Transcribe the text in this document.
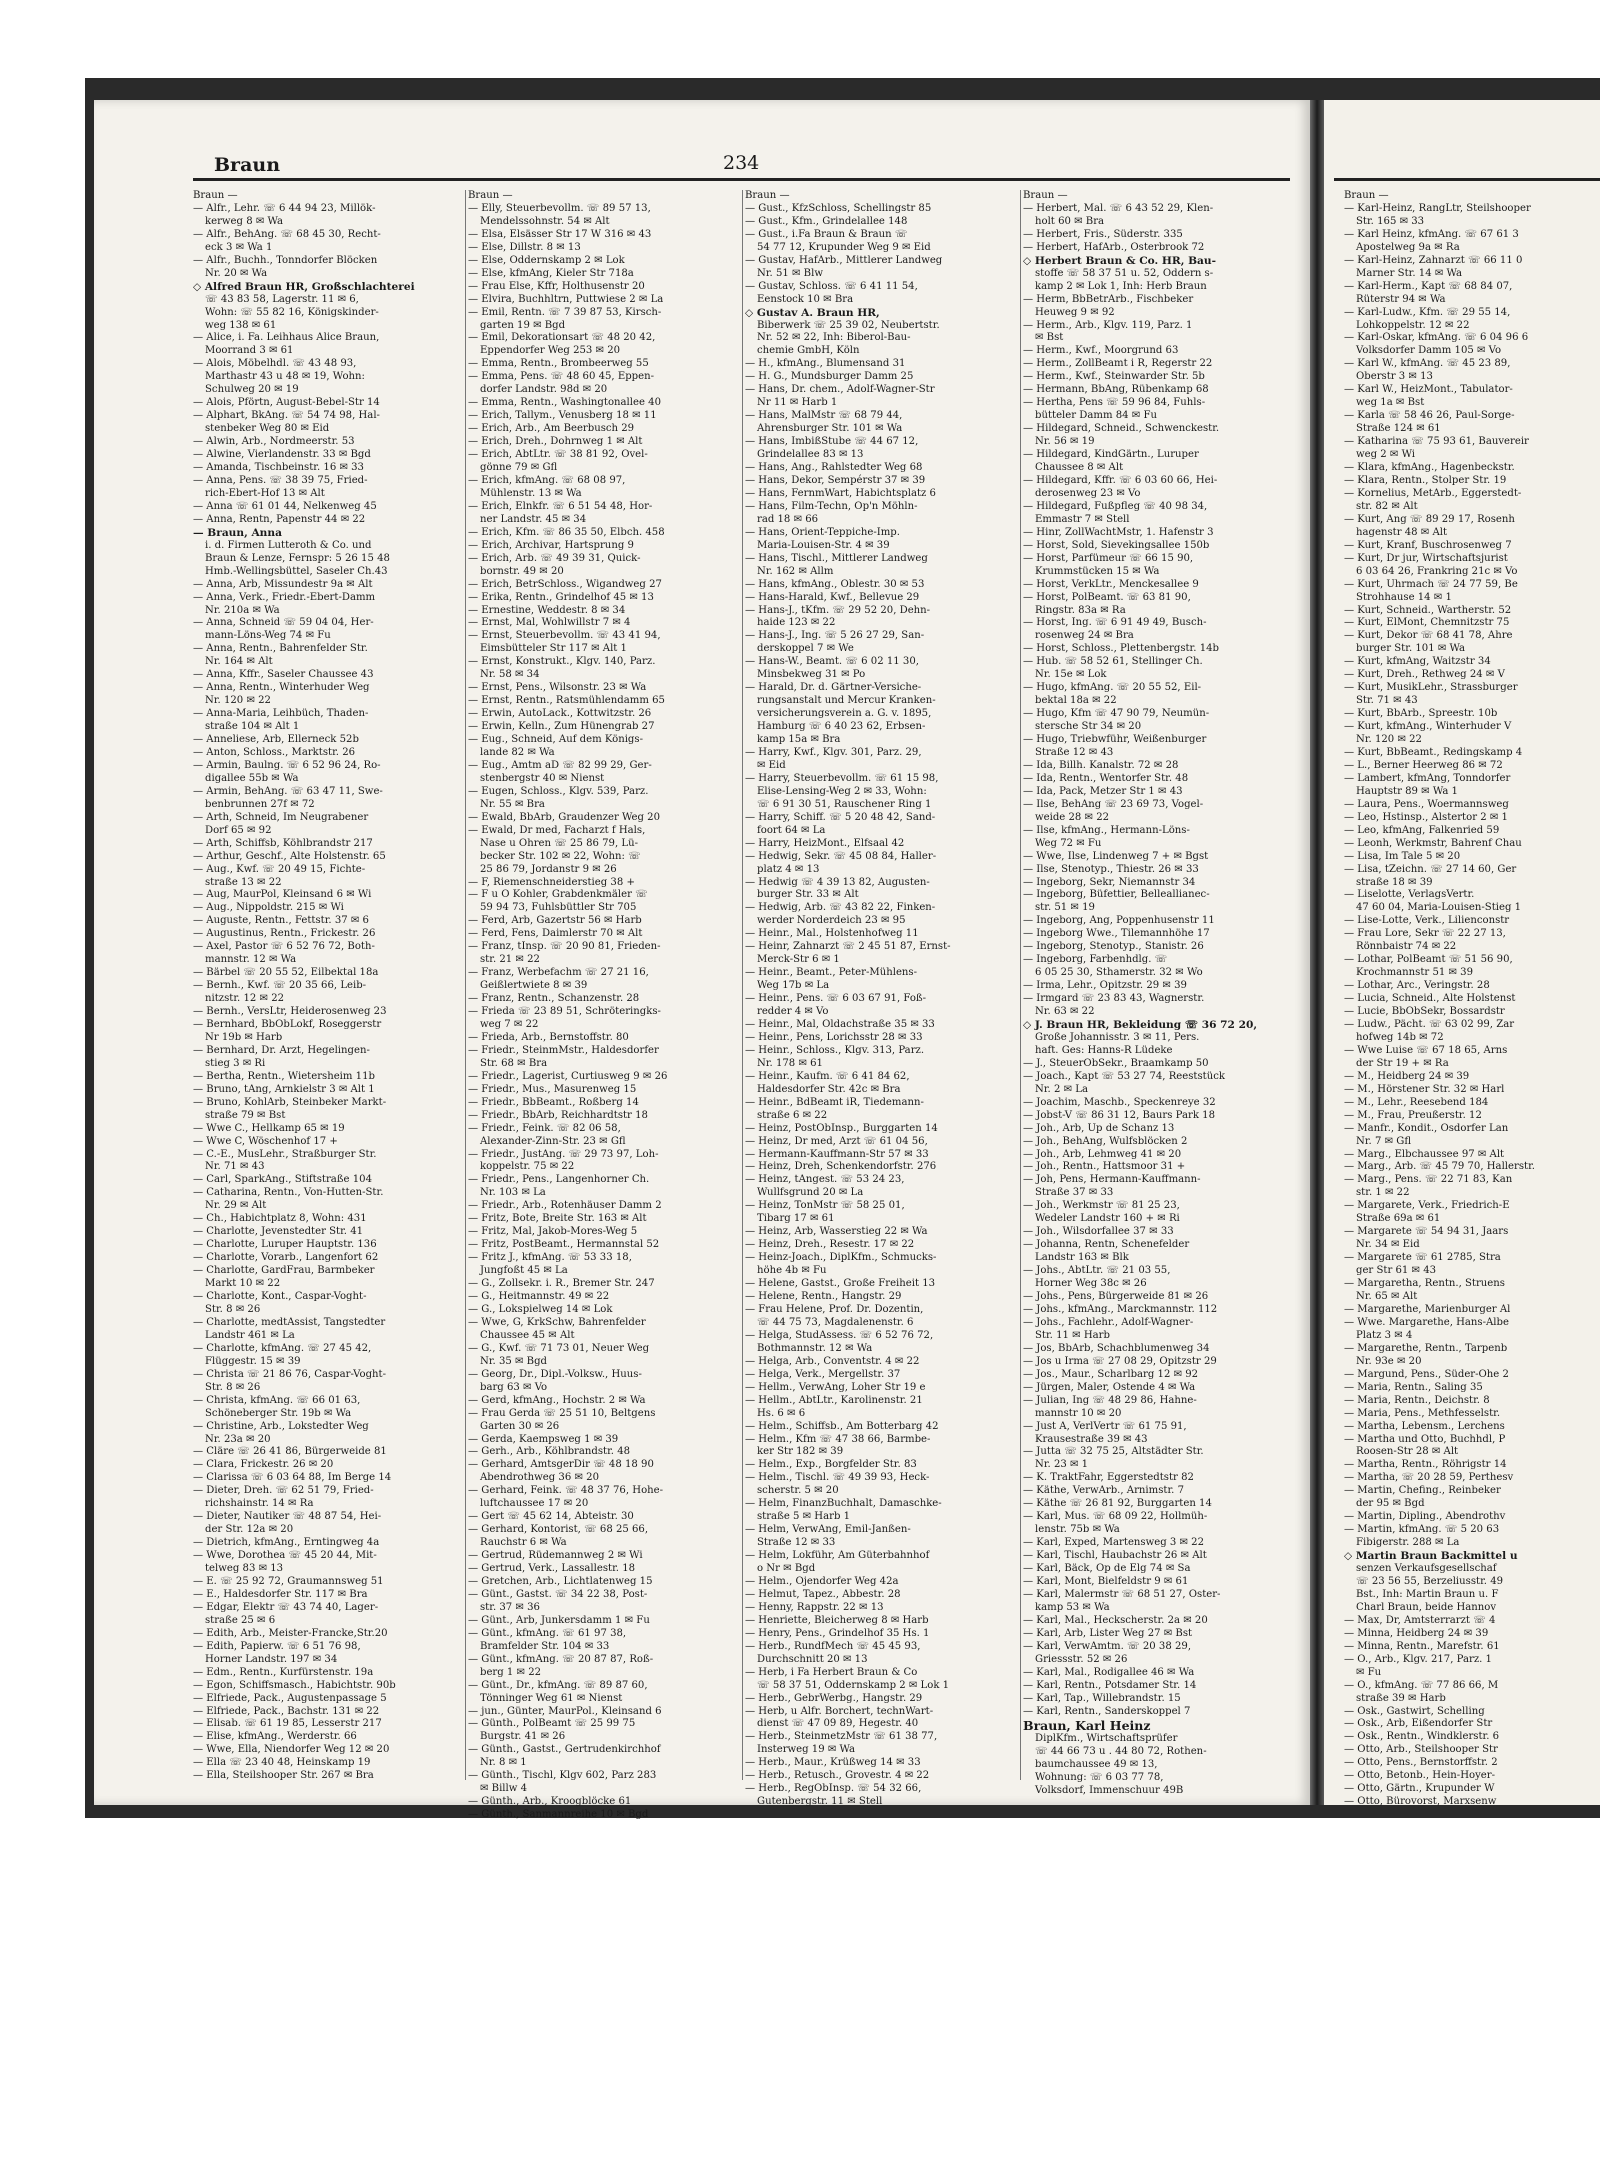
Braun	234
Braun —
— Alfr., Lehr. ☏ 6 44 94 23, Millök-
kerweg 8 ✉ Wa
— Alfr., BehAng. ☏ 68 45 30, Recht-
eck 3 ✉ Wa 1
— Alfr., Buchh., Tonndorfer Blöcken
Nr. 20 ✉ Wa
◇ Alfred Braun HR, Großschlachterei
☏ 43 83 58, Lagerstr. 11 ✉ 6,
Wohn: ☏ 55 82 16, Königskinder-
weg 138 ✉ 61
— Alice, i. Fa. Leihhaus Alice Braun,
Moorrand 3 ✉ 61
— Alois, Möbelhdl. ☏ 43 48 93,
Marthastr 43 u 48 ✉ 19, Wohn:
Schulweg 20 ✉ 19
— Alois, Pförtn, August-Bebel-Str 14
— Alphart, BkAng. ☏ 54 74 98, Hal-
stenbeker Weg 80 ✉ Eid
— Alwin, Arb., Nordmeerstr. 53
— Alwine, Vierlandenstr. 33 ✉ Bgd
— Amanda, Tischbeinstr. 16 ✉ 33
— Anna, Pens. ☏ 38 39 75, Fried-
rich-Ebert-Hof 13 ✉ Alt
— Anna ☏ 61 01 44, Nelkenweg 45
— Anna, Rentn, Papenstr 44 ✉ 22
— Braun, Anna
i. d. Firmen Lutteroth & Co. und
Braun & Lenze, Fernspr: 5 26 15 48
Hmb.-Wellingsbüttel, Saseler Ch.43
— Anna, Arb, Missundestr 9a ✉ Alt
— Anna, Verk., Friedr.-Ebert-Damm
Nr. 210a ✉ Wa
— Anna, Schneid ☏ 59 04 04, Her-
mann-Löns-Weg 74 ✉ Fu
— Anna, Rentn., Bahrenfelder Str.
Nr. 164 ✉ Alt
— Anna, Kffr., Saseler Chaussee 43
— Anna, Rentn., Winterhuder Weg
Nr. 120 ✉ 22
— Anna-Maria, Leihbüch, Thaden-
straße 104 ✉ Alt 1
— Anneliese, Arb, Ellerneck 52b
— Anton, Schloss., Marktstr. 26
— Armin, Baulng. ☏ 6 52 96 24, Ro-
digallee 55b ✉ Wa
— Armin, BehAng. ☏ 63 47 11, Swe-
benbrunnen 27f ✉ 72
— Arth, Schneid, Im Neugrabener
Dorf 65 ✉ 92
— Arth, Schiffsb, Köhlbrandstr 217
— Arthur, Geschf., Alte Holstenstr. 65
— Aug., Kwf. ☏ 20 49 15, Fichte-
straße 13 ✉ 22
— Aug, MaurPol, Kleinsand 6 ✉ Wi
— Aug., Nippoldstr. 215 ✉ Wi
— Auguste, Rentn., Fettstr. 37 ✉ 6
— Augustinus, Rentn., Frickestr. 26
— Axel, Pastor ☏ 6 52 76 72, Both-
mannstr. 12 ✉ Wa
— Bärbel ☏ 20 55 52, Eilbektal 18a
— Bernh., Kwf. ☏ 20 35 66, Leib-
nitzstr. 12 ✉ 22
— Bernh., VersLtr, Heiderosenweg 23
— Bernhard, BbObLokf, Roseggerstr
Nr 19b ✉ Harb
— Bernhard, Dr. Arzt, Hegelingen-
stieg 3 ✉ Ri
— Bertha, Rentn., Wietersheim 11b
— Bruno, tAng, Arnkielstr 3 ✉ Alt 1
— Bruno, KohlArb, Steinbeker Markt-
straße 79 ✉ Bst
— Wwe C., Hellkamp 65 ✉ 19
— Wwe C, Wöschenhof 17 +
— C.-E., MusLehr., Straßburger Str.
Nr. 71 ✉ 43
— Carl, SparkAng., Stiftstraße 104
— Catharina, Rentn., Von-Hutten-Str.
Nr. 29 ✉ Alt
— Ch., Habichtplatz 8, Wohn: 431
— Charlotte, Jevenstedter Str. 41
— Charlotte, Luruper Hauptstr. 136
— Charlotte, Vorarb., Langenfort 62
— Charlotte, GardFrau, Barmbeker
Markt 10 ✉ 22
— Charlotte, Kont., Caspar-Voght-
Str. 8 ✉ 26
— Charlotte, medtAssist, Tangstedter
Landstr 461 ✉ La
— Charlotte, kfmAng. ☏ 27 45 42,
Flüggestr. 15 ✉ 39
— Christa ☏ 21 86 76, Caspar-Voght-
Str. 8 ✉ 26
— Christa, kfmAng. ☏ 66 01 63,
Schöneberger Str. 19b ✉ Wa
— Christine, Arb., Lokstedter Weg
Nr. 23a ✉ 20
— Cläre ☏ 26 41 86, Bürgerweide 81
— Clara, Frickestr. 26 ✉ 20
— Clarissa ☏ 6 03 64 88, Im Berge 14
— Dieter, Dreh. ☏ 62 51 79, Fried-
richshainstr. 14 ✉ Ra
— Dieter, Nautiker ☏ 48 87 54, Hei-
der Str. 12a ✉ 20
— Dietrich, kfmAng., Erntingweg 4a
— Wwe, Dorothea ☏ 45 20 44, Mit-
telweg 83 ✉ 13
— E. ☏ 25 92 72, Graumannsweg 51
— E., Haldesdorfer Str. 117 ✉ Bra
— Edgar, Elektr ☏ 43 74 40, Lager-
straße 25 ✉ 6
— Edith, Arb., Meister-Francke,Str.20
— Edith, Papierw. ☏ 6 51 76 98,
Horner Landstr. 197 ✉ 34
— Edm., Rentn., Kurfürstenstr. 19a
— Egon, Schiffsmasch., Habichtstr. 90b
— Elfriede, Pack., Augustenpassage 5
— Elfriede, Pack., Bachstr. 131 ✉ 22
— Elisab. ☏ 61 19 85, Lesserstr 217
— Elise, kfmAng., Werderstr. 66
— Wwe, Ella, Niendorfer Weg 12 ✉ 20
— Ella ☏ 23 40 48, Heinskamp 19
— Ella, Steilshooper Str. 267 ✉ Bra
Braun —
— Elly, Steuerbevollm. ☏ 89 57 13,
Mendelssohnstr. 54 ✉ Alt
— Elsa, Elsässer Str 17 W 316 ✉ 43
— Else, Dillstr. 8 ✉ 13
— Else, Oddernskamp 2 ✉ Lok
— Else, kfmAng, Kieler Str 718a
— Frau Else, Kffr, Holthusenstr 20
— Elvira, Buchhltrn, Puttwiese 2 ✉ La
— Emil, Rentn. ☏ 7 39 87 53, Kirsch-
garten 19 ✉ Bgd
— Emil, Dekorationsart ☏ 48 20 42,
Eppendorfer Weg 253 ✉ 20
— Emma, Rentn., Brombeerweg 55
— Emma, Pens. ☏ 48 60 45, Eppen-
dorfer Landstr. 98d ✉ 20
— Emma, Rentn., Washingtonallee 40
— Erich, Tallym., Venusberg 18 ✉ 11
— Erich, Arb., Am Beerbusch 29
— Erich, Dreh., Dohrnweg 1 ✉ Alt
— Erich, AbtLtr. ☏ 38 81 92, Ovel-
gönne 79 ✉ Gfl
— Erich, kfmAng. ☏ 68 08 97,
Mühlenstr. 13 ✉ Wa
— Erich, Elnkfr. ☏ 6 51 54 48, Hor-
ner Landstr. 45 ✉ 34
— Erich, Kfm. ☏ 86 35 50, Elbch. 458
— Erich, Archivar, Hartsprung 9
— Erich, Arb. ☏ 49 39 31, Quick-
bornstr. 49 ✉ 20
— Erich, BetrSchloss., Wigandweg 27
— Erika, Rentn., Grindelhof 45 ✉ 13
— Ernestine, Weddestr. 8 ✉ 34
— Ernst, Mal, Wohlwillstr 7 ✉ 4
— Ernst, Steuerbevollm. ☏ 43 41 94,
Eimsbütteler Str 117 ✉ Alt 1
— Ernst, Konstrukt., Klgv. 140, Parz.
Nr. 58 ✉ 34
— Ernst, Pens., Wilsonstr. 23 ✉ Wa
— Ernst, Rentn., Ratsmühlendamm 65
— Erwin, AutoLack., Kottwitzstr. 26
— Erwin, Kelln., Zum Hünengrab 27
— Eug., Schneid, Auf dem Königs-
lande 82 ✉ Wa
— Eug., Amtm aD ☏ 82 99 29, Ger-
stenbergstr 40 ✉ Nienst
— Eugen, Schloss., Klgv. 539, Parz.
Nr. 55 ✉ Bra
— Ewald, BbArb, Graudenzer Weg 20
— Ewald, Dr med, Facharzt f Hals,
Nase u Ohren ☏ 25 86 79, Lü-
becker Str. 102 ✉ 22, Wohn: ☏
25 86 79, Jordanstr 9 ✉ 26
— F, Riemenschneiderstieg 38 +
— F u O Kohler, Grabdenkmäler ☏
59 94 73, Fuhlsbüttler Str 705
— Ferd, Arb, Gazertstr 56 ✉ Harb
— Ferd, Fens, Daimlerstr 70 ✉ Alt
— Franz, tInsp. ☏ 20 90 81, Frieden-
str. 21 ✉ 22
— Franz, Werbefachm ☏ 27 21 16,
Geißlertwiete 8 ✉ 39
— Franz, Rentn., Schanzenstr. 28
— Frieda ☏ 23 89 51, Schröteringks-
weg 7 ✉ 22
— Frieda, Arb., Bernstoffstr. 80
— Friedr., SteinmMstr., Haldesdorfer
Str. 68 ✉ Bra
— Friedr., Lagerist, Curtiusweg 9 ✉ 26
— Friedr., Mus., Masurenweg 15
— Friedr., BbBeamt., Roßberg 14
— Friedr., BbArb, Reichhardtstr 18
— Friedr., Feink. ☏ 82 06 58,
Alexander-Zinn-Str. 23 ✉ Gfl
— Friedr., JustAng. ☏ 29 73 97, Loh-
koppelstr. 75 ✉ 22
— Friedr., Pens., Langenhorner Ch.
Nr. 103 ✉ La
— Friedr., Arb., Rotenhäuser Damm 2
— Fritz, Bote, Breite Str. 163 ✉ Alt
— Fritz, Mal, Jakob-Mores-Weg 5
— Fritz, PostBeamt., Hermannstal 52
— Fritz J., kfmAng. ☏ 53 33 18,
Jungfoßt 45 ✉ La
— G., Zollsekr. i. R., Bremer Str. 247
— G., Heitmannstr. 49 ✉ 22
— G., Lokspielweg 14 ✉ Lok
— Wwe, G, KrkSchw, Bahrenfelder
Chaussee 45 ✉ Alt
— G., Kwf. ☏ 71 73 01, Neuer Weg
Nr. 35 ✉ Bgd
— Georg, Dr., Dipl.-Volksw., Huus-
barg 63 ✉ Vo
— Gerd, kfmAng., Hochstr. 2 ✉ Wa
— Frau Gerda ☏ 25 51 10, Beltgens
Garten 30 ✉ 26
— Gerda, Kaempsweg 1 ✉ 39
— Gerh., Arb., Köhlbrandstr. 48
— Gerhard, AmtsgerDir ☏ 48 18 90
Abendrothweg 36 ✉ 20
— Gerhard, Feink. ☏ 48 37 76, Hohe-
luftchaussee 17 ✉ 20
— Gert ☏ 45 62 14, Abteistr. 30
— Gerhard, Kontorist, ☏ 68 25 66,
Rauchstr 6 ✉ Wa
— Gertrud, Rüdemannweg 2 ✉ Wi
— Gertrud, Verk., Lassallestr. 18
— Gretchen, Arb., Lichtlatenweg 15
— Günt., Gastst. ☏ 34 22 38, Post-
str. 37 ✉ 36
— Günt., Arb, Junkersdamm 1 ✉ Fu
— Günt., kfmAng. ☏ 61 97 38,
Bramfelder Str. 104 ✉ 33
— Günt., kfmAng. ☏ 20 87 87, Roß-
berg 1 ✉ 22
— Günt., Dr., kfmAng. ☏ 89 87 60,
Tönninger Weg 61 ✉ Nienst
— jun., Günter, MaurPol., Kleinsand 6
— Günth., PolBeamt ☏ 25 99 75
Burgstr. 41 ✉ 26
— Günth., Gastst., Gertrudenkirchhof
Nr. 8 ✉ 1
— Günth., Tischl, Klgv 602, Parz 283
✉ Billw 4
— Günth., Arb., Kroogblöcke 61
— Günth., Sanmannreihe 10 ✉ Bgd
Braun —
— Gust., KfzSchloss, Schellingstr 85
— Gust., Kfm., Grindelallee 148
— Gust., i.Fa Braun & Braun ☏
54 77 12, Krupunder Weg 9 ✉ Eid
— Gustav, HafArb., Mittlerer Landweg
Nr. 51 ✉ Blw
— Gustav, Schloss. ☏ 6 41 11 54,
Eenstock 10 ✉ Bra
◇ Gustav A. Braun HR,
Biberwerk ☏ 25 39 02, Neubertstr.
Nr. 52 ✉ 22, Inh: Biberol-Bau-
chemie GmbH, Köln
— H., kfmAng., Blumensand 31
— H. G., Mundsburger Damm 25
— Hans, Dr. chem., Adolf-Wagner-Str
Nr 11 ✉ Harb 1
— Hans, MalMstr ☏ 68 79 44,
Ahrensburger Str. 101 ✉ Wa
— Hans, ImbißStube ☏ 44 67 12,
Grindelallee 83 ✉ 13
— Hans, Ang., Rahlstedter Weg 68
— Hans, Dekor, Sempérstr 37 ✉ 39
— Hans, FernmWart, Habichtsplatz 6
— Hans, Film-Techn, Op'n Möhln-
rad 18 ✉ 66
— Hans, Orient-Teppiche-Imp.
Maria-Louisen-Str. 4 ✉ 39
— Hans, Tischl., Mittlerer Landweg
Nr. 162 ✉ Allm
— Hans, kfmAng., Oblestr. 30 ✉ 53
— Hans-Harald, Kwf., Bellevue 29
— Hans-J., tKfm. ☏ 29 52 20, Dehn-
haide 123 ✉ 22
— Hans-J., Ing. ☏ 5 26 27 29, San-
derskoppel 7 ✉ We
— Hans-W., Beamt. ☏ 6 02 11 30,
Minsbekweg 31 ✉ Po
— Harald, Dr. d. Gärtner-Versiche-
rungsanstalt und Mercur Kranken-
versicherungsverein a. G. v. 1895,
Hamburg ☏ 6 40 23 62, Erbsen-
kamp 15a ✉ Bra
— Harry, Kwf., Klgv. 301, Parz. 29,
✉ Eid
— Harry, Steuerbevollm. ☏ 61 15 98,
Elise-Lensing-Weg 2 ✉ 33, Wohn:
☏ 6 91 30 51, Rauschener Ring 1
— Harry, Schiff. ☏ 5 20 48 42, Sand-
foort 64 ✉ La
— Harry, HeizMont., Elfsaal 42
— Hedwig, Sekr. ☏ 45 08 84, Haller-
platz 4 ✉ 13
— Hedwig ☏ 4 39 13 82, Augusten-
burger Str. 33 ✉ Alt
— Hedwig, Arb. ☏ 43 82 22, Finken-
werder Norderdeich 23 ✉ 95
— Heinr., Mal., Holstenhofweg 11
— Heinr, Zahnarzt ☏ 2 45 51 87, Ernst-
Merck-Str 6 ✉ 1
— Heinr., Beamt., Peter-Mühlens-
Weg 17b ✉ La
— Heinr., Pens. ☏ 6 03 67 91, Foß-
redder 4 ✉ Vo
— Heinr., Mal, Oldachstraße 35 ✉ 33
— Heinr., Pens, Lorichsstr 28 ✉ 33
— Heinr., Schloss., Klgv. 313, Parz.
Nr. 178 ✉ 61
— Heinr., Kaufm. ☏ 6 41 84 62,
Haldesdorfer Str. 42c ✉ Bra
— Heinr., BdBeamt iR, Tiedemann-
straße 6 ✉ 22
— Heinz, PostObInsp., Burggarten 14
— Heinz, Dr med, Arzt ☏ 61 04 56,
— Hermann-Kauffmann-Str 57 ✉ 33
— Heinz, Dreh, Schenkendorfstr. 276
— Heinz, tAngest. ☏ 53 24 23,
Wullfsgrund 20 ✉ La
— Heinz, TonMstr ☏ 58 25 01,
Tibarg 17 ✉ 61
— Heinz, Arb, Wasserstieg 22 ✉ Wa
— Heinz, Dreh., Resestr. 17 ✉ 22
— Heinz-Joach., DiplKfm., Schmucks-
höhe 4b ✉ Fu
— Helene, Gastst., Große Freiheit 13
— Helene, Rentn., Hangstr. 29
— Frau Helene, Prof. Dr. Dozentin,
☏ 44 75 73, Magdalenenstr. 6
— Helga, StudAssess. ☏ 6 52 76 72,
Bothmannstr. 12 ✉ Wa
— Helga, Arb., Conventstr. 4 ✉ 22
— Helga, Verk., Mergellstr. 37
— Hellm., VerwAng, Loher Str 19 e
— Hellm., AbtLtr., Karolinenstr. 21
Hs. 6 ✉ 6
— Helm., Schiffsb., Am Botterbarg 42
— Helm., Kfm ☏ 47 38 66, Barmbe-
ker Str 182 ✉ 39
— Helm., Exp., Borgfelder Str. 83
— Helm., Tischl. ☏ 49 39 93, Heck-
scherstr. 5 ✉ 20
— Helm, FinanzBuchhalt, Damaschke-
straße 5 ✉ Harb 1
— Helm, VerwAng, Emil-Janßen-
Straße 12 ✉ 33
— Helm, Lokführ, Am Güterbahnhof
o Nr ✉ Bgd
— Helm., Ojendorfer Weg 42a
— Helmut, Tapez., Abbestr. 28
— Henny, Rappstr. 22 ✉ 13
— Henriette, Bleicherweg 8 ✉ Harb
— Henry, Pens., Grindelhof 35 Hs. 1
— Herb., RundfMech ☏ 45 45 93,
Durchschnitt 20 ✉ 13
— Herb, i Fa Herbert Braun & Co
☏ 58 37 51, Oddernskamp 2 ✉ Lok 1
— Herb., GebrWerbg., Hangstr. 29
— Herb, u Alfr. Borchert, technWart-
dienst ☏ 47 09 89, Hegestr. 40
— Herb., SteinmetzMstr ☏ 61 38 77,
Insterweg 19 ✉ Wa
— Herb., Maur., Krüßweg 14 ✉ 33
— Herb., Retusch., Grovestr. 4 ✉ 22
— Herb., RegObInsp. ☏ 54 32 66,
Gutenbergstr. 11 ✉ Stell
Braun —
— Herbert, Mal. ☏ 6 43 52 29, Klen-
holt 60 ✉ Bra
— Herbert, Fris., Süderstr. 335
— Herbert, HafArb., Osterbrook 72
◇ Herbert Braun & Co. HR, Bau-
stoffe ☏ 58 37 51 u. 52, Oddern s-
kamp 2 ✉ Lok 1, Inh: Herb Braun
— Herm, BbBetrArb., Fischbeker
Heuweg 9 ✉ 92
— Herm., Arb., Klgv. 119, Parz. 1
✉ Bst
— Herm., Kwf., Moorgrund 63
— Herm., ZollBeamt i R, Regerstr 22
— Herm., Kwf., Steinwarder Str. 5b
— Hermann, BbAng, Rübenkamp 68
— Hertha, Pens ☏ 59 96 84, Fuhls-
bütteler Damm 84 ✉ Fu
— Hildegard, Schneid., Schwenckestr.
Nr. 56 ✉ 19
— Hildegard, KindGärtn., Luruper
Chaussee 8 ✉ Alt
— Hildegard, Kffr. ☏ 6 03 60 66, Hei-
derosenweg 23 ✉ Vo
— Hildegard, Fußpfleg ☏ 40 98 34,
Emmastr 7 ✉ Stell
— Hinr, ZollWachtMstr, 1. Hafenstr 3
— Horst, Sold, Sievekingsallee 150b
— Horst, Parfümeur ☏ 66 15 90,
Krummstücken 15 ✉ Wa
— Horst, VerkLtr., Menckesallee 9
— Horst, PolBeamt. ☏ 63 81 90,
Ringstr. 83a ✉ Ra
— Horst, Ing. ☏ 6 91 49 49, Busch-
rosenweg 24 ✉ Bra
— Horst, Schloss., Plettenbergstr. 14b
— Hub. ☏ 58 52 61, Stellinger Ch.
Nr. 15e ✉ Lok
— Hugo, kfmAng. ☏ 20 55 52, Eil-
bektal 18a ✉ 22
— Hugo, Kfm ☏ 47 90 79, Neumün-
stersche Str 34 ✉ 20
— Hugo, Triebwführ, Weißenburger
Straße 12 ✉ 43
— Ida, Billh. Kanalstr. 72 ✉ 28
— Ida, Rentn., Wentorfer Str. 48
— Ida, Pack, Metzer Str 1 ✉ 43
— Ilse, BehAng ☏ 23 69 73, Vogel-
weide 28 ✉ 22
— Ilse, kfmAng., Hermann-Löns-
Weg 72 ✉ Fu
— Wwe, Ilse, Lindenweg 7 + ✉ Bgst
— Ilse, Stenotyp., Thiestr. 26 ✉ 33
— Ingeborg, Sekr, Niemannstr 34
— Ingeborg, Büfettier, Belleallianec-
str. 51 ✉ 19
— Ingeborg, Ang, Poppenhusenstr 11
— Ingeborg Wwe., Tilemannhöhe 17
— Ingeborg, Stenotyp., Stanistr. 26
— Ingeborg, Farbenhdlg. ☏
6 05 25 30, Sthamerstr. 32 ✉ Wo
— Irma, Lehr., Opitzstr. 29 ✉ 39
— Irmgard ☏ 23 83 43, Wagnerstr.
Nr. 63 ✉ 22
◇ J. Braun HR, Bekleidung ☏ 36 72 20,
Große Johannisstr. 3 ✉ 11, Pers.
haft. Ges: Hanns-R Lüdeke
— J., SteuerObSekr., Braamkamp 50
— Joach., Kapt ☏ 53 27 74, Reeststück
Nr. 2 ✉ La
— Joachim, Maschb., Speckenreye 32
— Jobst-V ☏ 86 31 12, Baurs Park 18
— Joh., Arb, Up de Schanz 13
— Joh., BehAng, Wulfsblöcken 2
— Joh., Arb, Lehmweg 41 ✉ 20
— Joh., Rentn., Hattsmoor 31 +
— Joh, Pens, Hermann-Kauffmann-
Straße 37 ✉ 33
— Joh., Werkmstr ☏ 81 25 23,
Wedeler Landstr 160 + ✉ Ri
— Joh., Wilsdorfallee 37 ✉ 33
— Johanna, Rentn, Schenefelder
Landstr 163 ✉ Blk
— Johs., AbtLtr. ☏ 21 03 55,
Horner Weg 38c ✉ 26
— Johs., Pens, Bürgerweide 81 ✉ 26
— Johs., kfmAng., Marckmannstr. 112
— Johs., Fachlehr., Adolf-Wagner-
Str. 11 ✉ Harb
— Jos, BbArb, Schachblumenweg 34
— Jos u Irma ☏ 27 08 29, Opitzstr 29
— Jos., Maur., Scharlbarg 12 ✉ 92
— Jürgen, Maler, Ostende 4 ✉ Wa
— Julian, Ing ☏ 48 29 86, Hahne-
mannstr 10 ✉ 20
— Just A, VerlVertr ☏ 61 75 91,
Krausestraße 39 ✉ 43
— Jutta ☏ 32 75 25, Altstädter Str.
Nr. 23 ✉ 1
— K. TraktFahr, Eggerstedtstr 82
— Käthe, VerwArb., Arnimstr. 7
— Käthe ☏ 26 81 92, Burggarten 14
— Karl, Mus. ☏ 68 09 22, Hollmüh-
lenstr. 75b ✉ Wa
— Karl, Exped, Martensweg 3 ✉ 22
— Karl, Tischl, Haubachstr 26 ✉ Alt
— Karl, Bäck, Op de Elg 74 ✉ Sa
— Karl, Mont, Bielfeldstr 9 ✉ 61
— Karl, Malermstr ☏ 68 51 27, Oster-
kamp 53 ✉ Wa
— Karl, Mal., Heckscherstr. 2a ✉ 20
— Karl, Arb, Lister Weg 27 ✉ Bst
— Karl, VerwAmtm. ☏ 20 38 29,
Griessstr. 52 ✉ 26
— Karl, Mal., Rodigallee 46 ✉ Wa
— Karl, Rentn., Potsdamer Str. 14
— Karl, Tap., Willebrandstr. 15
— Karl, Rentn., Sanderskoppel 7
Braun, Karl Heinz
DiplKfm., Wirtschaftsprüfer
☏ 44 66 73 u . 44 80 72, Rothen-
baumchaussee 49 ✉ 13,
Wohnung: ☏ 6 03 77 78,
Volksdorf, Immenschuur 49B
Braun —
— Karl-Heinz, RangLtr, Steilshooper
Str. 165 ✉ 33
— Karl Heinz, kfmAng. ☏ 67 61 3
Apostelweg 9a ✉ Ra
— Karl-Heinz, Zahnarzt ☏ 66 11 0
Marner Str. 14 ✉ Wa
— Karl-Herm., Kapt ☏ 68 84 07,
Rüterstr 94 ✉ Wa
— Karl-Ludw., Kfm. ☏ 29 55 14,
Lohkoppelstr. 12 ✉ 22
— Karl-Oskar, kfmAng. ☏ 6 04 96 6
Volksdorfer Damm 105 ✉ Vo
— Karl W., kfmAng. ☏ 45 23 89,
Oberstr 3 ✉ 13
— Karl W., HeizMont., Tabulator-
weg 1a ✉ Bst
— Karla ☏ 58 46 26, Paul-Sorge-
Straße 124 ✉ 61
— Katharina ☏ 75 93 61, Bauvereir
weg 2 ✉ Wi
— Klara, kfmAng., Hagenbeckstr.
— Klara, Rentn., Stolper Str. 19
— Kornelius, MetArb., Eggerstedt-
str. 82 ✉ Alt
— Kurt, Ang ☏ 89 29 17, Rosenh
hagenstr 48 ✉ Alt
— Kurt, Kranf, Buschrosenweg 7
— Kurt, Dr jur, Wirtschaftsjurist
6 03 64 26, Frankring 21c ✉ Vo
— Kurt, Uhrmach ☏ 24 77 59, Be
Strohhause 14 ✉ 1
— Kurt, Schneid., Wartherstr. 52
— Kurt, ElMont, Chemnitzstr 75
— Kurt, Dekor ☏ 68 41 78, Ahre
burger Str. 101 ✉ Wa
— Kurt, kfmAng, Waitzstr 34
— Kurt, Dreh., Rethweg 24 ✉ V
— Kurt, MusikLehr., Strassburger
Str. 71 ✉ 43
— Kurt, BbArb., Spreestr. 10b
— Kurt, kfmAng., Winterhuder V
Nr. 120 ✉ 22
— Kurt, BbBeamt., Redingskamp 4
— L., Berner Heerweg 86 ✉ 72
— Lambert, kfmAng, Tonndorfer
Hauptstr 89 ✉ Wa 1
— Laura, Pens., Woermannsweg
— Leo, Hstinsp., Alstertor 2 ✉ 1
— Leo, kfmAng, Falkenried 59
— Leonh, Werkmstr, Bahrenf Chau
— Lisa, Im Tale 5 ✉ 20
— Lisa, tZeichn. ☏ 27 14 60, Ger
straße 18 ✉ 39
— Liselotte, VerlagsVertr.
47 60 04, Maria-Louisen-Stieg 1
— Lise-Lotte, Verk., Lilienconstr
— Frau Lore, Sekr ☏ 22 27 13,
Rönnbaistr 74 ✉ 22
— Lothar, PolBeamt ☏ 51 56 90,
Krochmannstr 51 ✉ 39
— Lothar, Arc., Veringstr. 28
— Lucia, Schneid., Alte Holstenst
— Lucie, BbObSekr, Bossardstr
— Ludw., Pächt. ☏ 63 02 99, Zar
hofweg 14b ✉ 72
— Wwe Luise ☏ 67 18 65, Arns
der Str 19 + ✉ Ra
— M., Heidberg 24 ✉ 39
— M., Hörstener Str. 32 ✉ Harl
— M., Lehr., Reesebend 184
— M., Frau, Preußerstr. 12
— Manfr., Kondit., Osdorfer Lan
Nr. 7 ✉ Gfl
— Marg., Elbchaussee 97 ✉ Alt
— Marg., Arb. ☏ 45 79 70, Hallerstr.
— Marg., Pens. ☏ 22 71 83, Kan
str. 1 ✉ 22
— Margarete, Verk., Friedrich-E
Straße 69a ✉ 61
— Margarete ☏ 54 94 31, Jaars
Nr. 34 ✉ Eid
— Margarete ☏ 61 2785, Stra
ger Str 61 ✉ 43
— Margaretha, Rentn., Struens
Nr. 65 ✉ Alt
— Margarethe, Marienburger Al
— Wwe. Margarethe, Hans-Albe
Platz 3 ✉ 4
— Margarethe, Rentn., Tarpenb
Nr. 93e ✉ 20
— Margund, Pens., Süder-Ohe 2
— Maria, Rentn., Saling 35
— Maria, Rentn., Deichstr. 8
— Maria, Pens., Methfesselstr.
— Martha, Lebensm., Lerchens
— Martha und Otto, Buchhdl, P
Roosen-Str 28 ✉ Alt
— Martha, Rentn., Röhrigstr 14
— Martha, ☏ 20 28 59, Perthesv
— Martin, Chefing., Reinbeker
der 95 ✉ Bgd
— Martin, Dipling., Abendrothv
— Martin, kfmAng. ☏ 5 20 63
Fibigerstr. 288 ✉ La
◇ Martin Braun Backmittel u
senzen Verkaufsgesellschaf
☏ 23 56 55, Berzeliusstr. 49
Bst., Inh: Martin Braun u. F
Charl Braun, beide Hannov
— Max, Dr, Amtsterrarzt ☏ 4
— Minna, Heidberg 24 ✉ 39
— Minna, Rentn., Marefstr. 61
— O., Arb., Klgv. 217, Parz. 1
✉ Fu
— O., kfmAng. ☏ 77 86 66, M
straße 39 ✉ Harb
— Osk., Gastwirt, Schelling
— Osk., Arb, Eißendorfer Str
— Osk., Rentn., Windklerstr. 6
— Otto, Arb., Steilshooper Str
— Otto, Pens., Bernstorffstr. 2
— Otto, Betonb., Hein-Hoyer-
— Otto, Gärtn., Krupunder W
— Otto, Bürovorst, Marxsenw
